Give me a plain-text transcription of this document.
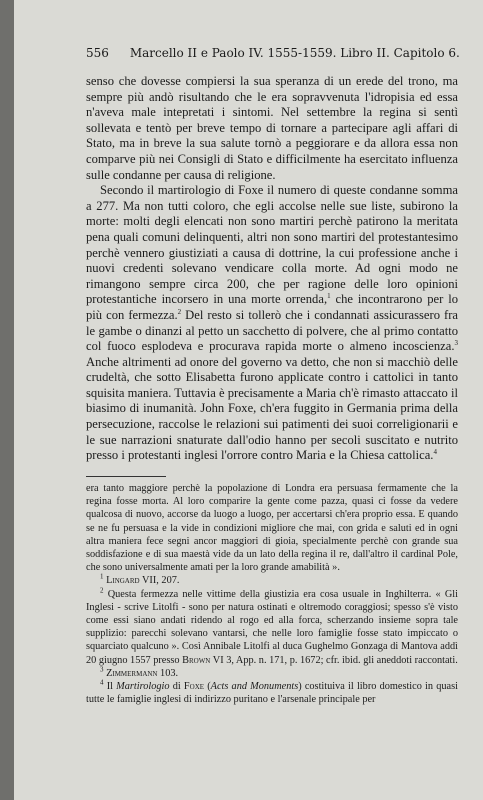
556 Marcello II e Paolo IV. 1555-1559. Libro II. Capitolo 6.

senso che dovesse compiersi la sua speranza di un erede del trono, ma sempre più andò risultando che le era sopravvenuta l'idropisia ed essa n'aveva male intepretati i sintomi. Nel settembre la regina si sentì sollevata e tentò per breve tempo di tornare a partecipare agli affari di Stato, ma in breve la sua salute tornò a peggiorare e da allora essa non comparve più nei Consigli di Stato e difficilmente ha esercitato influenza sulle condanne per causa di religione.

Secondo il martirologio di Foxe il numero di queste condanne somma a 277. Ma non tutti coloro, che egli accolse nelle sue liste, subirono la morte: molti degli elencati non sono martiri perchè patirono la meritata pena quali comuni delinquenti, altri non sono martiri del protestantesimo perchè vennero giustiziati a causa di dottrine, la cui professione anche i nuovi credenti solevano vendicare colla morte. Ad ogni modo ne rimangono sempre circa 200, che per ragione delle loro opinioni protestantiche incorsero in una morte orrenda,$^1$ che incontrarono per lo più con fermezza.$^2$ Del resto si tollerò che i condannati assicurassero fra le gambe o dinanzi al petto un sacchetto di polvere, che al primo contatto col fuoco esplodeva e procurava rapida morte o almeno incoscienza.$^3$ Anche altrimenti ad onore del governo va detto, che non si macchiò delle crudeltà, che sotto Elisabetta furono applicate contro i cattolici in tanto squisita maniera. Tuttavia è precisamente a Maria ch'è rimasto attaccato il biasimo di inumanità. John Foxe, ch'era fuggito in Germania prima della persecuzione, raccolse le relazioni sui patimenti dei suoi correligionarii e le sue narrazioni snaturate dall'odio hanno per secoli suscitato e nutrito presso i protestanti inglesi l'orrore contro Maria e la Chiesa cattolica.$^4$

era tanto maggiore perchè la popolazione di Londra era persuasa fermamente che la regina fosse morta. Al loro comparire la gente come pazza, quasi ci fosse da vedere qualcosa di nuovo, accorse da luogo a luogo, per accertarsi ch'era proprio essa. E quando se ne fu persuasa e la vide in condizioni migliore che mai, con grida e saluti ed in ogni altra maniera fece segni ancor maggiori di gioia, specialmente perchè con grande sua soddisfazione e di sua maestà vide da un lato della regina il re, dall'altro il cardinal Pole, che sono universalmente amati per la loro grande amabilità ».

$^1$ Lingard VII, 207.

$^2$ Questa fermezza nelle vittime della giustizia era cosa usuale in Inghilterra. « Gli Inglesi - scrive Litolfi - sono per natura ostinati e oltremodo coraggiosi; spesso s'è visto come essi siano andati ridendo al rogo ed alla forca, scherzando insieme sopra tale supplizio: parecchi solevano vantarsi, che nelle loro famiglie fosse stato impiccato o squarciato qualcuno ». Così Annibale Litolfi al duca Gughelmo Gonzaga di Mantova addì 20 giugno 1557 presso Brown VI 3, App. n. 171, p. 1672; cfr. ibid. gli aneddoti raccontati.

$^3$ Zimmermann 103.

$^4$ Il Martirologio di Foxe (Acts and Monuments) costituiva il libro domestico in quasi tutte le famiglie inglesi di indirizzo puritano e l'arsenale principale per
